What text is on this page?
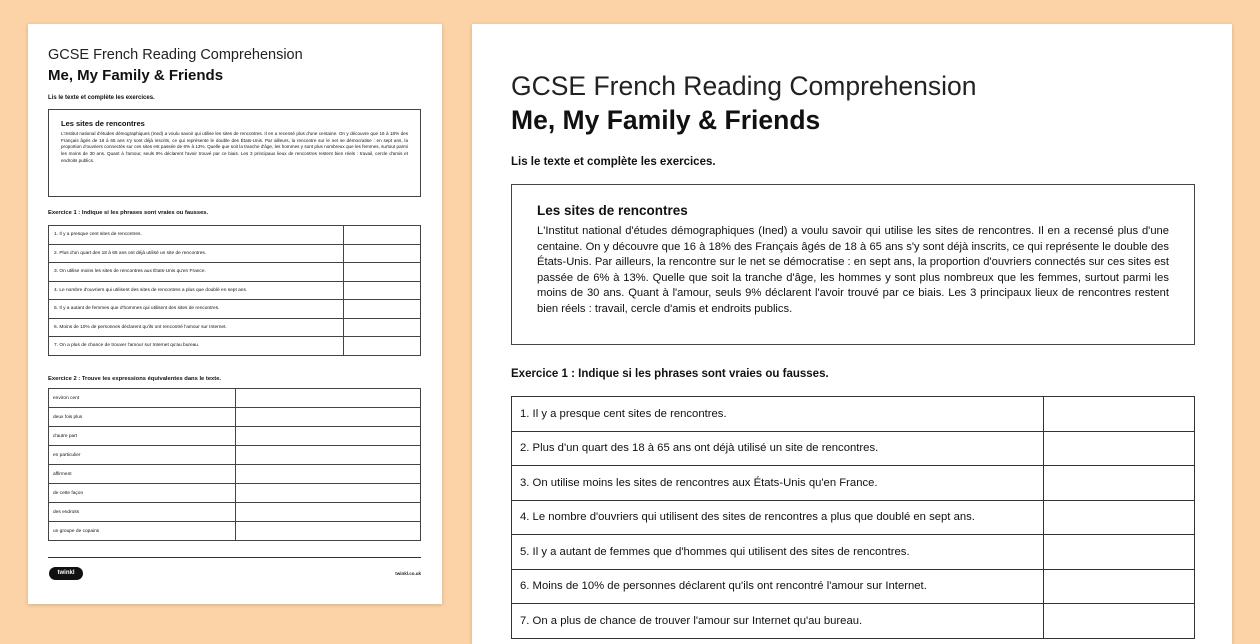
GCSE French Reading Comprehension
Me, My Family & Friends
Lis le texte et complète les exercices.
Les sites de rencontres
L'Institut national d'études démographiques (Ined) a voulu savoir qui utilise les sites de rencontres. Il en a recensé plus d'une centaine. On y découvre que 16 à 18% des Français âgés de 18 à 65 ans s'y sont déjà inscrits, ce qui représente le double des États-Unis. Par ailleurs, la rencontre sur le net se démocratise : en sept ans, la proportion d'ouvriers connectés sur ces sites est passée de 6% à 13%. Quelle que soit la tranche d'âge, les hommes y sont plus nombreux que les femmes, surtout parmi les moins de 30 ans. Quant à l'amour, seuls 9% déclarent l'avoir trouvé par ce biais. Les 3 principaux lieux de rencontres restent bien réels : travail, cercle d'amis et endroits publics.
Exercice 1 : Indique si les phrases sont vraies ou fausses.
1. Il y a presque cent sites de rencontres.	
2. Plus d'un quart des 18 à 65 ans ont déjà utilisé un site de rencontres.	
3. On utilise moins les sites de rencontres aux États-Unis qu'en France.	
4. Le nombre d'ouvriers qui utilisent des sites de rencontres a plus que doublé en sept ans.	
5. Il y a autant de femmes que d'hommes qui utilisent des sites de rencontres.	
6. Moins de 10% de personnes déclarent qu'ils ont rencontré l'amour sur Internet.	
7. On a plus de chance de trouver l'amour sur Internet qu'au bureau.	
Exercice 2 : Trouve les expressions équivalentes dans le texte.
environ cent	
deux fois plus	
d'autre part	
en particulier	
affirment	
de cette façon	
des endroits	
un groupe de copains	
twinkl	twinkl.co.uk
GCSE French Reading Comprehension
Me, My Family & Friends
Lis le texte et complète les exercices.
Les sites de rencontres
L'Institut national d'études démographiques (Ined) a voulu savoir qui utilise les sites de rencontres. Il en a recensé plus d'une centaine. On y découvre que 16 à 18% des Français âgés de 18 à 65 ans s'y sont déjà inscrits, ce qui représente le double des États-Unis. Par ailleurs, la rencontre sur le net se démocratise : en sept ans, la proportion d'ouvriers connectés sur ces sites est passée de 6% à 13%. Quelle que soit la tranche d'âge, les hommes y sont plus nombreux que les femmes, surtout parmi les moins de 30 ans. Quant à l'amour, seuls 9% déclarent l'avoir trouvé par ce biais. Les 3 principaux lieux de rencontres restent bien réels : travail, cercle d'amis et endroits publics.
Exercice 1 : Indique si les phrases sont vraies ou fausses.
1. Il y a presque cent sites de rencontres.	
2. Plus d'un quart des 18 à 65 ans ont déjà utilisé un site de rencontres.	
3. On utilise moins les sites de rencontres aux États-Unis qu'en France.	
4. Le nombre d'ouvriers qui utilisent des sites de rencontres a plus que doublé en sept ans.	
5. Il y a autant de femmes que d'hommes qui utilisent des sites de rencontres.	
6. Moins de 10% de personnes déclarent qu'ils ont rencontré l'amour sur Internet.	
7. On a plus de chance de trouver l'amour sur Internet qu'au bureau.	
